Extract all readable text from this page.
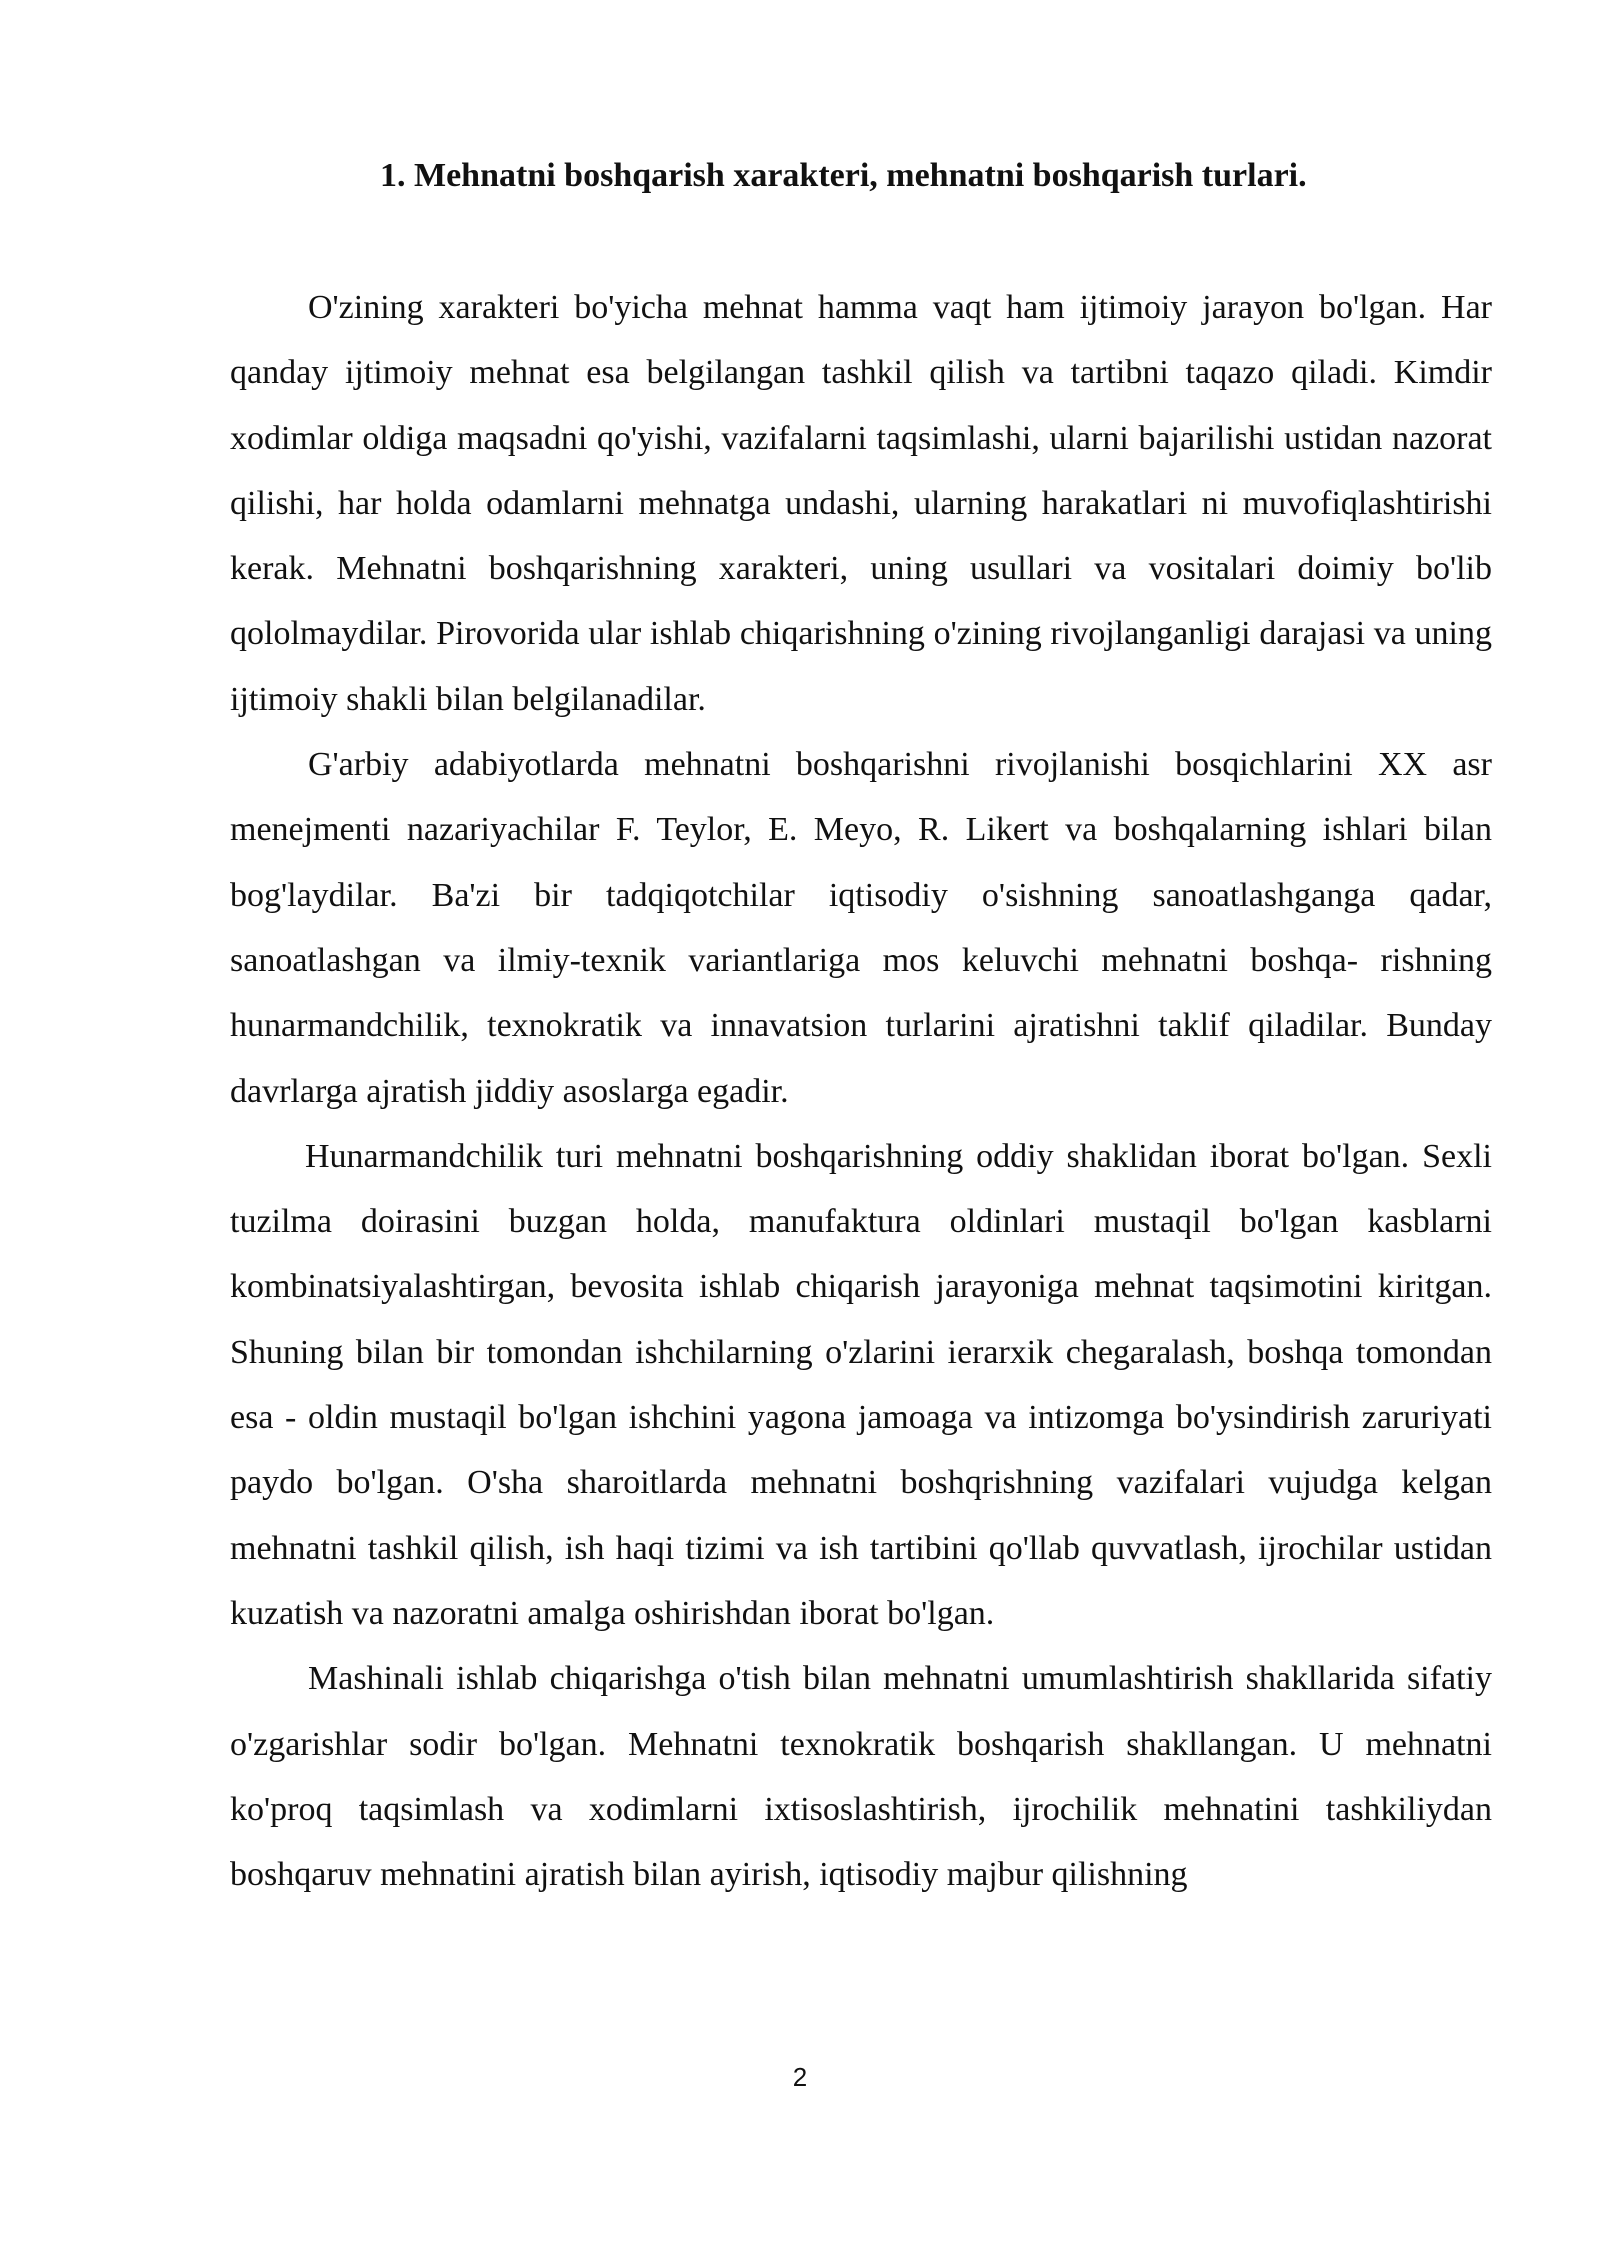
1. Mehnatni boshqarish xarakteri, mehnatni boshqarish turlari.

O'zining xarakteri bo'yicha mehnat hamma vaqt ham ijtimoiy jarayon bo'lgan. Har qanday ijtimoiy mehnat esa belgilangan tashkil qilish va tartibni taqazo qiladi. Kimdir xodimlar oldiga maqsadni qo'yishi, vazifalarni taqsimlashi, ularni bajarilishi ustidan nazorat qilishi, har holda odamlarni mehnatga undashi, ularning harakatlari ni muvofiqlashtirishi kerak. Mehnatni boshqarishning xarakteri, uning usullari va vositalari doimiy bo'lib qololmaydilar. Pirovorida ular ishlab chiqarishning o'zining rivojlanganligi darajasi va uning ijtimoiy shakli bilan belgilanadilar.

G'arbiy adabiyotlarda mehnatni boshqarishni rivojlanishi bosqichlarini XX asr menejmenti nazariyachilar F. Teylor, E. Meyo, R. Likert va boshqalarning ishlari bilan bog'laydilar. Ba'zi bir tadqiqotchilar iqtisodiy o'sishning sanoatlashganga qadar, sanoatlashgan va ilmiy-texnik variantlariga mos keluvchi mehnatni boshqa- rishning hunarmandchilik, texnokratik va innavatsion turlarini ajratishni taklif qiladilar. Bunday davrlarga ajratish jiddiy asoslarga egadir.

Hunarmandchilik turi mehnatni boshqarishning oddiy shaklidan iborat bo'lgan. Sexli tuzilma doirasini buzgan holda, manufaktura oldinlari mustaqil bo'lgan kasblarni kombinatsiyalashtirgan, bevosita ishlab chiqarish jarayoniga mehnat taqsimotini kiritgan. Shuning bilan bir tomondan ishchilarning o'zlarini ierarxik chegaralash, boshqa tomondan esa - oldin mustaqil bo'lgan ishchini yagona jamoaga va intizomga bo'ysindirish zaruriyati paydo bo'lgan. O'sha sharoitlarda mehnatni boshqrishning vazifalari vujudga kelgan mehnatni tashkil qilish, ish haqi tizimi va ish tartibini qo'llab quvvatlash, ijrochilar ustidan kuzatish va nazoratni amalga oshirishdan iborat bo'lgan.

Mashinali ishlab chiqarishga o'tish bilan mehnatni umumlashtirish shakllarida sifatiy o'zgarishlar sodir bo'lgan. Mehnatni texnokratik boshqarish shakllangan. U mehnatni ko'proq taqsimlash va xodimlarni ixtisoslashtirish, ijrochilik mehnatini tashkiliydan boshqaruv mehnatini ajratish bilan ayirish, iqtisodiy majbur qilishning

2
